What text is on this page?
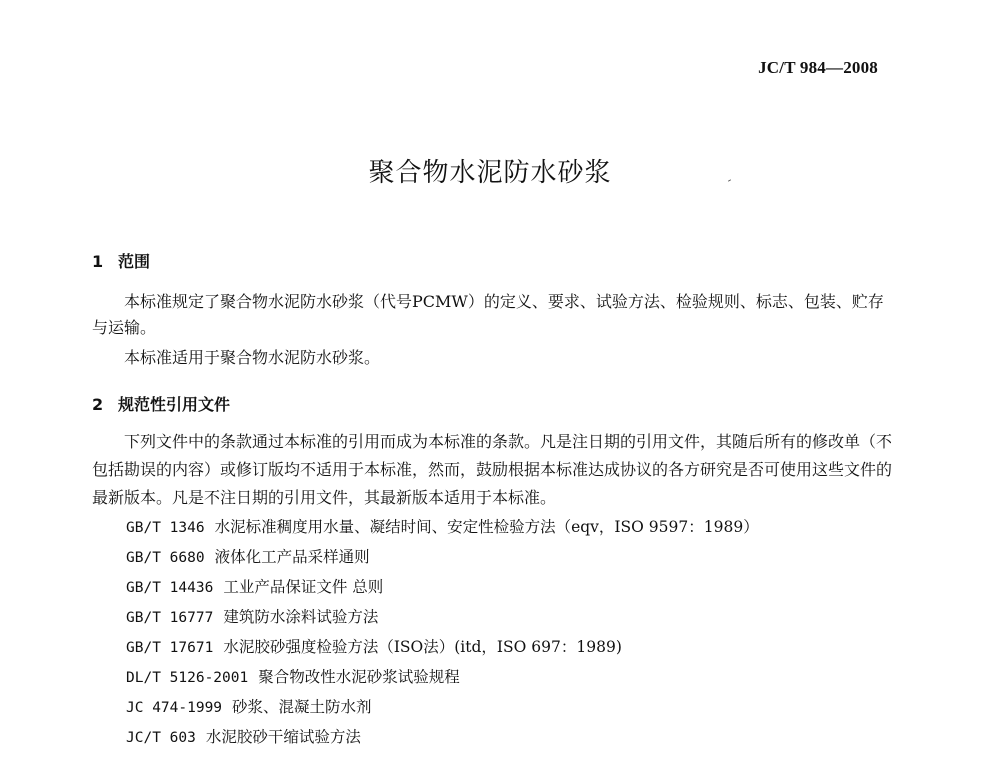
JC/T 984—2008
聚合物水泥防水砂浆
1 范围

本标准规定了聚合物水泥防水砂浆（代号PCMW）的定义、要求、试验方法、检验规则、标志、包装、贮存与运输。

本标准适用于聚合物水泥防水砂浆。

2 规范性引用文件

下列文件中的条款通过本标准的引用而成为本标准的条款。凡是注日期的引用文件，其随后所有的修改单（不包括勘误的内容）或修订版均不适用于本标准，然而，鼓励根据本标准达成协议的各方研究是否可使用这些文件的最新版本。凡是不注日期的引用文件，其最新版本适用于本标准。

GB/T 1346 水泥标准稠度用水量、凝结时间、安定性检验方法（eqv，ISO 9597：1989）
GB/T 6680 液体化工产品采样通则
GB/T 14436 工业产品保证文件 总则
GB/T 16777 建筑防水涂料试验方法
GB/T 17671 水泥胶砂强度检验方法（ISO法）(itd，ISO 697：1989)
DL/T 5126-2001 聚合物改性水泥砂浆试验规程
JC 474-1999 砂浆、混凝土防水剂
JC/T 603 水泥胶砂干缩试验方法
